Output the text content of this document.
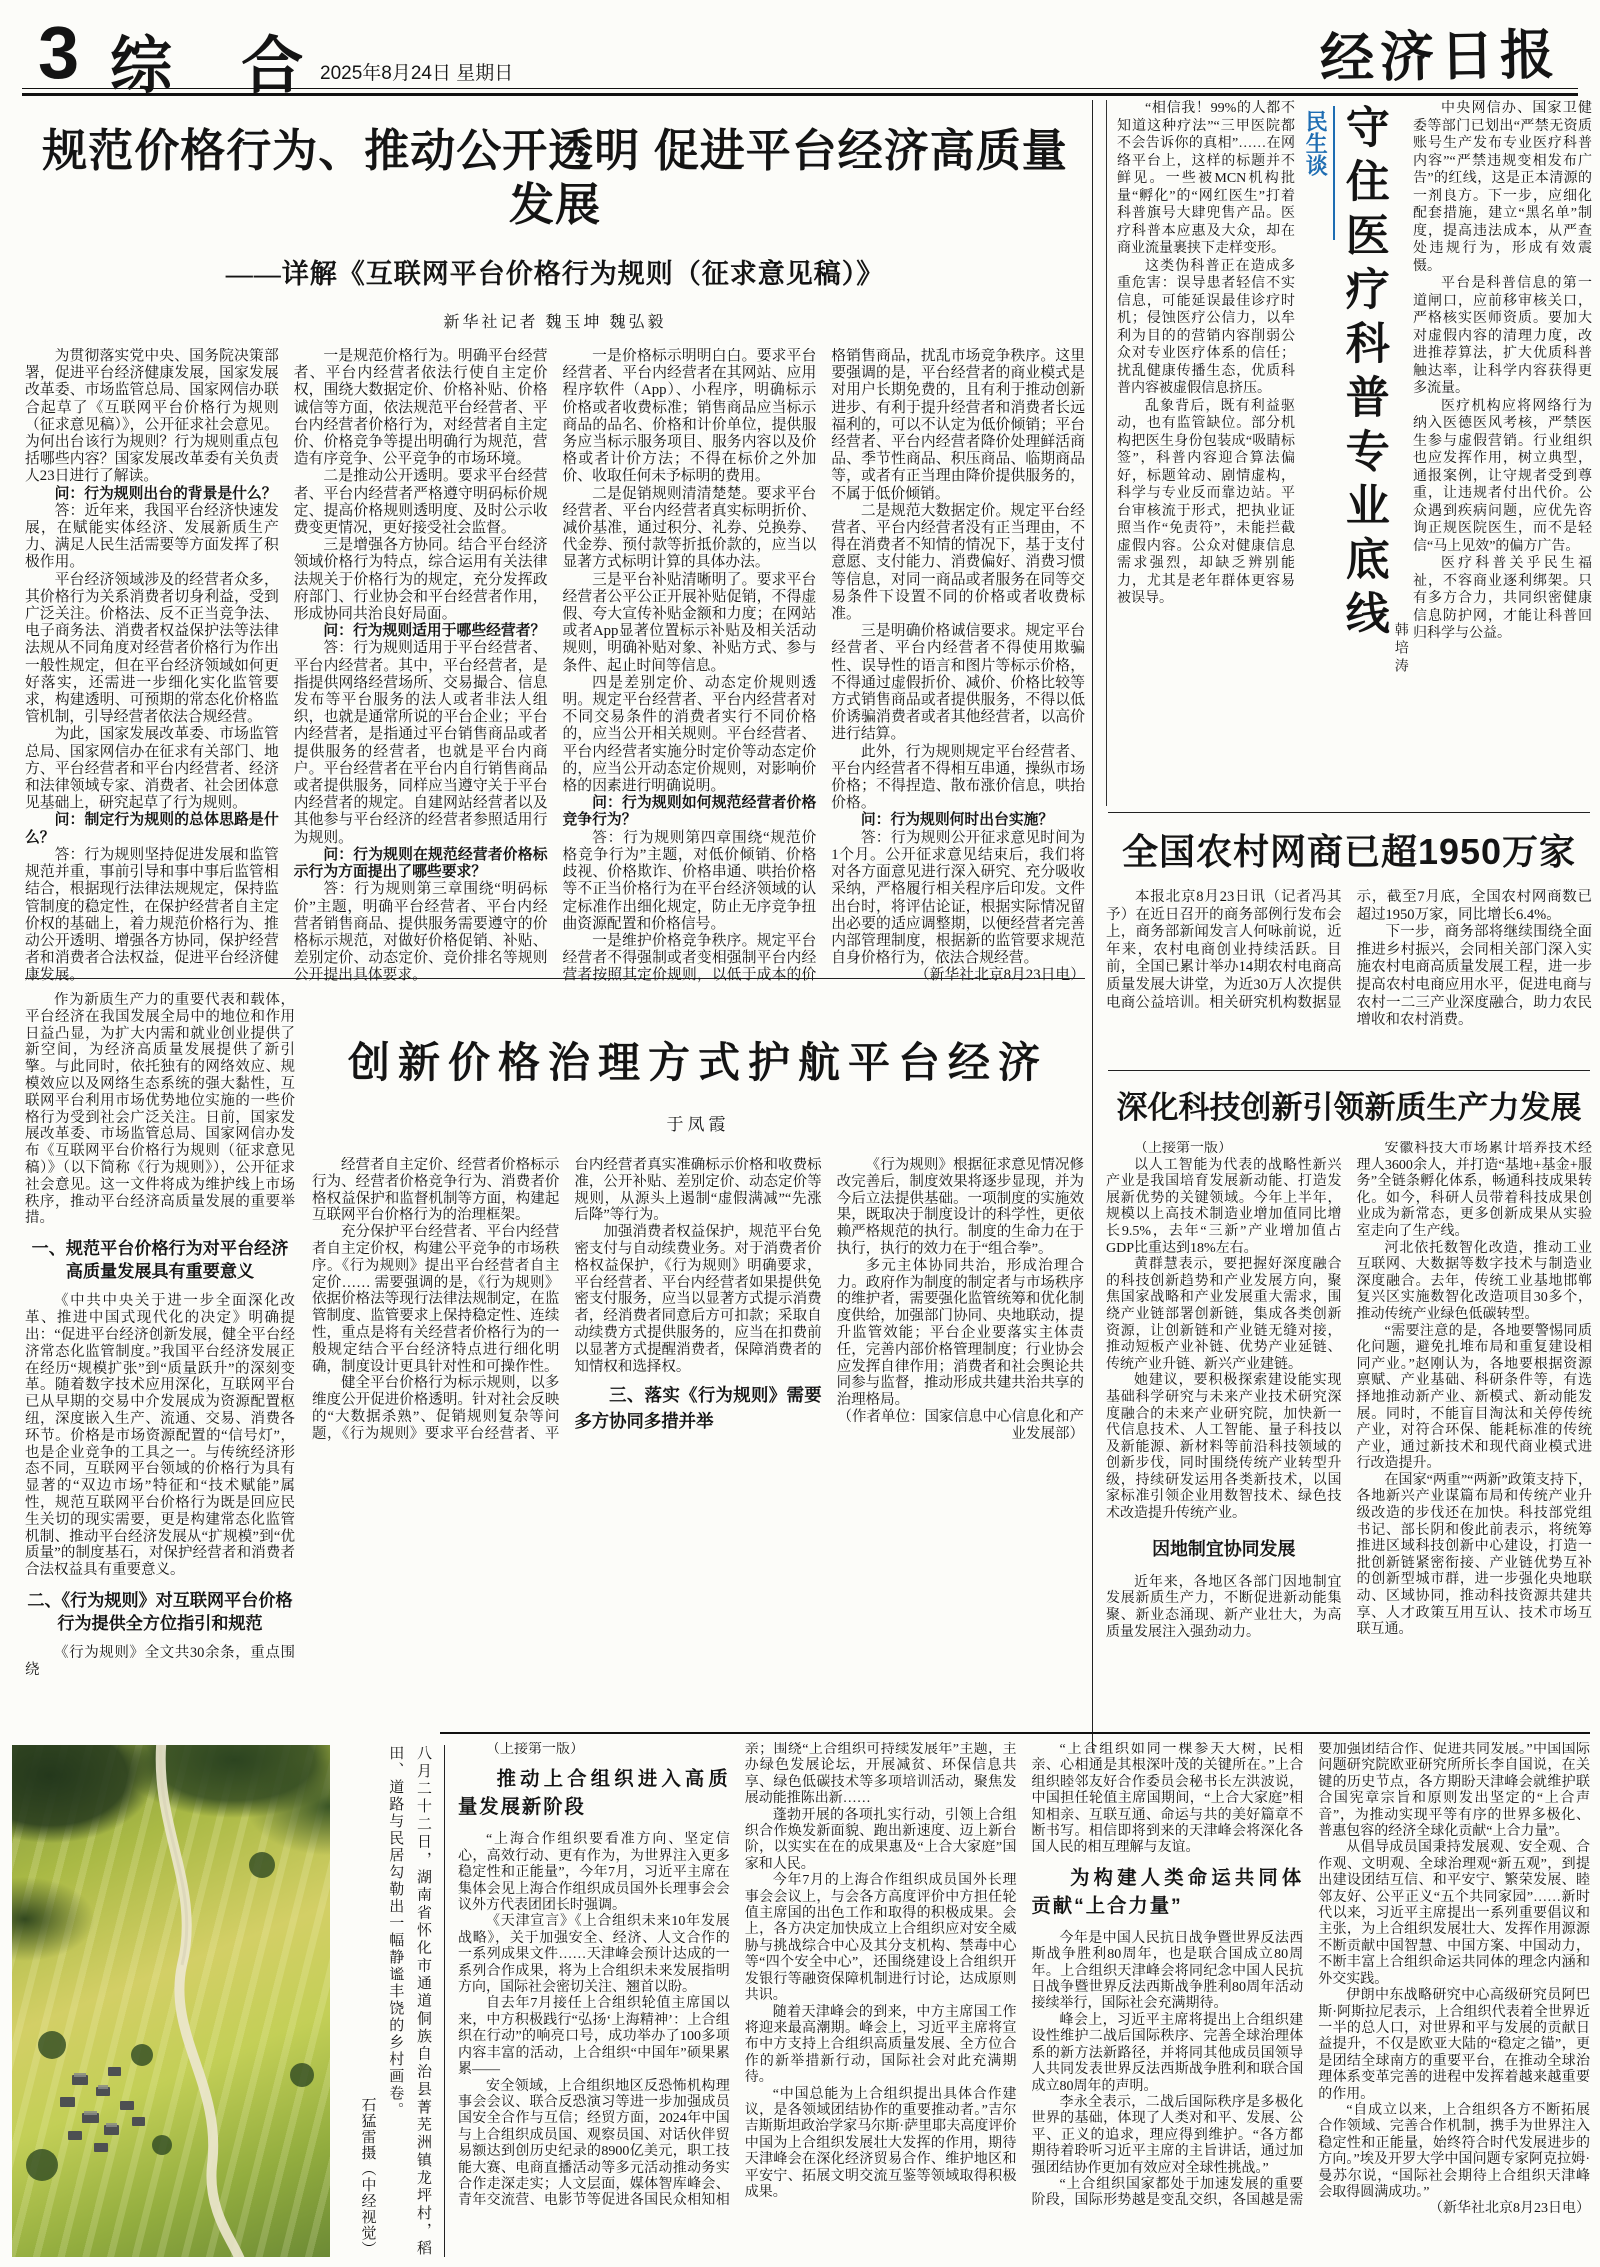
3 综 合
2025年8月24日 星期日	经济日报
规范价格行为、推动公开透明 促进平台经济高质量发展
——详解《互联网平台价格行为规则（征求意见稿）》
新华社记者 魏玉坤 魏弘毅

为贯彻落实党中央、国务院决策部署，促进平台经济健康发展，国家发展改革委、市场监管总局、国家网信办联合起草了《互联网平台价格行为规则（征求意见稿）》，公开征求社会意见。为何出台该行为规则？行为规则重点包括哪些内容？国家发展改革委有关负责人23日进行了解读。

问：行为规则出台的背景是什么？

答：近年来，我国平台经济快速发展，在赋能实体经济、发展新质生产力、满足人民生活需要等方面发挥了积极作用。

平台经济领域涉及的经营者众多，其价格行为关系消费者切身利益，受到广泛关注。价格法、反不正当竞争法、电子商务法、消费者权益保护法等法律法规从不同角度对经营者价格行为作出一般性规定，但在平台经济领域如何更好落实，还需进一步细化实化监管要求，构建透明、可预期的常态化价格监管机制，引导经营者依法合规经营。

为此，国家发展改革委、市场监管总局、国家网信办在征求有关部门、地方、平台经营者和平台内经营者、经济和法律领域专家、消费者、社会团体意见基础上，研究起草了行为规则。

问：制定行为规则的总体思路是什么？

答：行为规则坚持促进发展和监管规范并重，事前引导和事中事后监管相结合，根据现行法律法规规定，保持监管制度的稳定性，在保护经营者自主定价权的基础上，着力规范价格行为、推动公开透明、增强各方协同，保护经营者和消费者合法权益，促进平台经济健康发展。

一是规范价格行为。明确平台经营者、平台内经营者依法行使自主定价权，围绕大数据定价、价格补贴、价格诚信等方面，依法规范平台经营者、平台内经营者价格行为，对经营者自主定价、价格竞争等提出明确行为规范，营造有序竞争、公平竞争的市场环境。

二是推动公开透明。要求平台经营者、平台内经营者严格遵守明码标价规定、提高价格规则透明度、及时公示收费变更情况，更好接受社会监督。

三是增强各方协同。结合平台经济领域价格行为特点，综合运用有关法律法规关于价格行为的规定，充分发挥政府部门、行业协会和平台经营者作用，形成协同共治良好局面。

问：行为规则适用于哪些经营者？

答：行为规则适用于平台经营者、平台内经营者。其中，平台经营者，是指提供网络经营场所、交易撮合、信息发布等平台服务的法人或者非法人组织，也就是通常所说的平台企业；平台内经营者，是指通过平台销售商品或者提供服务的经营者，也就是平台内商户。平台经营者在平台内自行销售商品或者提供服务，同样应当遵守关于平台内经营者的规定。自建网站经营者以及其他参与平台经济的经营者参照适用行为规则。

问：行为规则在规范经营者价格标示行为方面提出了哪些要求？

答：行为规则第三章围绕“明码标价”主题，明确平台经营者、平台内经营者销售商品、提供服务需要遵守的价格标示规范，对做好价格促销、补贴、差别定价、动态定价、竞价排名等规则公开提出具体要求。

一是价格标示明明白白。要求平台经营者、平台内经营者在其网站、应用程序软件（App）、小程序，明确标示价格或者收费标准；销售商品应当标示商品的品名、价格和计价单位，提供服务应当标示服务项目、服务内容以及价格或者计价方法；不得在标价之外加价、收取任何未予标明的费用。

二是促销规则清清楚楚。要求平台经营者、平台内经营者真实标明折价、减价基准，通过积分、礼券、兑换券、代金券、预付款等折抵价款的，应当以显著方式标明计算的具体办法。

三是平台补贴清晰明了。要求平台经营者公平公正开展补贴促销，不得虚假、夸大宣传补贴金额和力度；在网站或者App显著位置标示补贴及相关活动规则，明确补贴对象、补贴方式、参与条件、起止时间等信息。

四是差别定价、动态定价规则透明。规定平台经营者、平台内经营者对不同交易条件的消费者实行不同价格的，应当公开相关规则。平台经营者、平台内经营者实施分时定价等动态定价的，应当公开动态定价规则，对影响价格的因素进行明确说明。

问：行为规则如何规范经营者价格竞争行为？

答：行为规则第四章围绕“规范价格竞争行为”主题，对低价倾销、价格歧视、价格欺诈、价格串通、哄抬价格等不正当价格行为在平台经济领域的认定标准作出细化规定，防止无序竞争扭曲资源配置和价格信号。

一是维护价格竞争秩序。规定平台经营者不得强制或者变相强制平台内经营者按照其定价规则，以低于成本的价格销售商品，扰乱市场竞争秩序。这里要强调的是，平台经营者的商业模式是对用户长期免费的，且有利于推动创新进步、有利于提升经营者和消费者长远福利的，可以不认定为低价倾销；平台经营者、平台内经营者降价处理鲜活商品、季节性商品、积压商品、临期商品等，或者有正当理由降价提供服务的，不属于低价倾销。

二是规范大数据定价。规定平台经营者、平台内经营者没有正当理由，不得在消费者不知情的情况下，基于支付意愿、支付能力、消费偏好、消费习惯等信息，对同一商品或者服务在同等交易条件下设置不同的价格或者收费标准。

三是明确价格诚信要求。规定平台经营者、平台内经营者不得使用欺骗性、误导性的语言和图片等标示价格，不得通过虚假折价、减价、价格比较等方式销售商品或者提供服务，不得以低价诱骗消费者或者其他经营者，以高价进行结算。

此外，行为规则规定平台经营者、平台内经营者不得相互串通，操纵市场价格；不得捏造、散布涨价信息，哄抬价格。

问：行为规则何时出台实施？

答：行为规则公开征求意见时间为1个月。公开征求意见结束后，我们将对各方面意见进行深入研究、充分吸收采纳，严格履行相关程序后印发。文件出台时，将评估论证，根据实际情况留出必要的适应调整期，以便经营者完善内部管理制度，根据新的监管要求规范自身价格行为，依法合规经营。

（新华社北京8月23日电）

作为新质生产力的重要代表和载体，平台经济在我国发展全局中的地位和作用日益凸显，为扩大内需和就业创业提供了新空间，为经济高质量发展提供了新引擎。与此同时，依托独有的网络效应、规模效应以及网络生态系统的强大黏性，互联网平台利用市场优势地位实施的一些价格行为受到社会广泛关注。日前，国家发展改革委、市场监管总局、国家网信办发布《互联网平台价格行为规则（征求意见稿）》（以下简称《行为规则》），公开征求社会意见。这一文件将成为维护线上市场秩序，推动平台经济高质量发展的重要举措。

一、规范平台价格行为对平台经济高质量发展具有重要意义

《中共中央关于进一步全面深化改革、推进中国式现代化的决定》明确提出：“促进平台经济创新发展，健全平台经济常态化监管制度。”我国平台经济发展正在经历“规模扩张”到“质量跃升”的深刻变革。随着数字技术应用深化，互联网平台已从早期的交易中介发展成为资源配置枢纽，深度嵌入生产、流通、交易、消费各环节。价格是市场资源配置的“信号灯”，也是企业竞争的工具之一。与传统经济形态不同，互联网平台领域的价格行为具有显著的“双边市场”特征和“技术赋能”属性，规范互联网平台价格行为既是回应民生关切的现实需要，更是构建常态化监管机制、推动平台经济发展从“扩规模”到“优质量”的制度基石，对保护经营者和消费者合法权益具有重要意义。

二、《行为规则》对互联网平台价格行为提供全方位指引和规范

《行为规则》全文共30余条，重点围绕

创新价格治理方式护航平台经济
于凤霞

经营者自主定价、经营者价格标示行为、经营者价格竞争行为、消费者价格权益保护和监督机制等方面，构建起互联网平台价格行为的治理框架。

充分保护平台经营者、平台内经营者自主定价权，构建公平竞争的市场秩序。《行为规则》提出平台经营者自主定价…… 需要强调的是，《行为规则》依据价格法等现行法律法规制定，在监管制度、监管要求上保持稳定性、连续性，重点是将有关经营者价格行为的一般规定结合平台经济特点进行细化明确，制度设计更具针对性和可操作性。

健全平台价格行为标示规则，以多维度公开促进价格透明。针对社会反映的“大数据杀熟”、促销规则复杂等问题，《行为规则》要求平台经营者、平台内经营者真实准确标示价格和收费标准，公开补贴、差别定价、动态定价等规则，从源头上遏制“虚假满减”“先涨后降”等行为。

加强消费者权益保护，规范平台免密支付与自动续费业务。对于消费者价格权益保护，《行为规则》明确要求，平台经营者、平台内经营者如果提供免密支付服务，应当以显著方式提示消费者，经消费者同意后方可扣款；采取自动续费方式提供服务的，应当在扣费前以显著方式提醒消费者，保障消费者的知情权和选择权。

三、落实《行为规则》需要多方协同多措并举

《行为规则》根据征求意见情况修改完善后，制度效果将逐步显现，并为今后立法提供基础。一项制度的实施效果，既取决于制度设计的科学性，更依赖严格规范的执行。制度的生命力在于执行，执行的效力在于“组合拳”。

多元主体协同共治，形成治理合力。政府作为制度的制定者与市场秩序的维护者，需要强化监管统筹和优化制度供给，加强部门协同、央地联动，提升监管效能；平台企业要落实主体责任，完善内部价格管理制度；行业协会应发挥自律作用；消费者和社会舆论共同参与监督，推动形成共建共治共享的治理格局。

（作者单位：国家信息中心信息化和产业发展部）

“相信我！99%的人都不知道这种疗法”“三甲医院都不会告诉你的真相”……在网络平台上，这样的标题并不鲜见。一些被MCN机构批量“孵化”的“网红医生”打着科普旗号大肆兜售产品。医疗科普本应惠及大众，却在商业流量裹挟下走样变形。

这类伪科普正在造成多重危害：误导患者轻信不实信息，可能延误最佳诊疗时机；侵蚀医疗公信力，以牟利为目的的营销内容削弱公众对专业医疗体系的信任；扰乱健康传播生态，优质科普内容被虚假信息挤压。

乱象背后，既有利益驱动，也有监管缺位。部分机构把医生身份包装成“吸睛标签”，科普内容迎合算法偏好，标题耸动、剧情虚构，科学与专业反而靠边站。平台审核流于形式，把执业证照当作“免责符”，未能拦截虚假内容。公众对健康信息需求强烈，却缺乏辨别能力，尤其是老年群体更容易被误导。

民生谈 守住医疗科普专业底线
韩培涛

中央网信办、国家卫健委等部门已划出“严禁无资质账号生产发布专业医疗科普内容”“严禁违规变相发布广告”的红线，这是正本清源的一剂良方。下一步，应细化配套措施，建立“黑名单”制度，提高违法成本，从严查处违规行为，形成有效震慑。

平台是科普信息的第一道闸口，应前移审核关口，严格核实医师资质。要加大对虚假内容的清理力度，改进推荐算法，扩大优质科普触达率，让科学内容获得更多流量。

医疗机构应将网络行为纳入医德医风考核，严禁医生参与虚假营销。行业组织也应发挥作用，树立典型，通报案例，让守规者受到尊重，让违规者付出代价。公众遇到疾病问题，应优先咨询正规医院医生，而不是轻信“马上见效”的偏方广告。

医疗科普关乎民生福祉，不容商业逐利绑架。只有多方合力，共同织密健康信息防护网，才能让科普回归科学与公益。

全国农村网商已超1950万家

本报北京8月23日讯（记者冯其予）在近日召开的商务部例行发布会上，商务部新闻发言人何咏前说，近年来，农村电商创业持续活跃。目前，全国已累计举办14期农村电商高质量发展大讲堂，为近30万人次提供电商公益培训。相关研究机构数据显示，截至7月底，全国农村网商数已超过1950万家，同比增长6.4%。

下一步，商务部将继续围绕全面推进乡村振兴，会同相关部门深入实施农村电商高质量发展工程，进一步提高农村电商应用水平，促进电商与农村一二三产业深度融合，助力农民增收和农村消费。

深化科技创新引领新质生产力发展

（上接第一版）

以人工智能为代表的战略性新兴产业是我国培育发展新动能、打造发展新优势的关键领域。今年上半年，规模以上高技术制造业增加值同比增长9.5%，去年“三新”产业增加值占GDP比重达到18%左右。

黄群慧表示，要把握好深度融合的科技创新趋势和产业发展方向，聚焦国家战略和产业发展重大需求，围绕产业链部署创新链，集成各类创新资源，让创新链和产业链无缝对接，推动短板产业补链、优势产业延链、传统产业升链、新兴产业建链。

她建议，要积极探索建设能实现基础科学研究与未来产业技术研究深度融合的未来产业研究院，加快新一代信息技术、人工智能、量子科技以及新能源、新材料等前沿科技领域的创新步伐，同时围绕传统产业转型升级，持续研发运用各类新技术，以国家标准引领企业用数智技术、绿色技术改造提升传统产业。

因地制宜协同发展

近年来，各地区各部门因地制宜发展新质生产力，不断促进新动能集聚、新业态涌现、新产业壮大，为高质量发展注入强劲动力。

安徽科技大市场累计培养技术经理人3600余人，并打造“基地+基金+服务”全链条孵化体系，畅通科技成果转化。如今，科研人员带着科技成果创业成为新常态，更多创新成果从实验室走向了生产线。

河北依托数智化改造，推动工业互联网、大数据等数字技术与制造业深度融合。去年，传统工业基地邯郸复兴区实施数智化改造项目30多个，推动传统产业绿色低碳转型。

“需要注意的是，各地要警惕同质化问题，避免扎堆布局和重复建设相同产业。”赵刚认为，各地要根据资源禀赋、产业基础、科研条件等，有选择地推动新产业、新模式、新动能发展。同时，不能盲目淘汰和关停传统产业，对符合环保、能耗标准的传统产业，通过新技术和现代商业模式进行改造提升。

在国家“两重”“两新”政策支持下，各地新兴产业谋篇布局和传统产业升级改造的步伐还在加快。科技部党组书记、部长阴和俊此前表示，将统筹推进区域科技创新中心建设，打造一批创新链紧密衔接、产业链优势互补的创新型城市群，进一步强化央地联动、区域协同，推动科技资源共建共享、人才政策互用互认、技术市场互联互通。

八月二十二日，湖南省怀化市通道侗族自治县菁芜洲镇龙坪村，稻田、道路与民居勾勒出一幅静谧丰饶的乡村画卷。
石猛雷摄（中经视觉）

（上接第一版）

推动上合组织进入高质量发展新阶段

“上海合作组织要看准方向、坚定信心，高效行动、更有作为，为世界注入更多稳定性和正能量”，今年7月，习近平主席在集体会见上海合作组织成员国外长理事会会议外方代表团团长时强调。

《天津宣言》《上合组织未来10年发展战略》，关于加强安全、经济、人文合作的一系列成果文件……天津峰会预计达成的一系列合作成果，将为上合组织未来发展指明方向，国际社会密切关注、翘首以盼。

自去年7月接任上合组织轮值主席国以来，中方积极践行“弘扬‘上海精神’：上合组织在行动”的响亮口号，成功举办了100多项内容丰富的活动，上合组织“中国年”硕果累累——

安全领域，上合组织地区反恐怖机构理事会会议、联合反恐演习等进一步加强成员国安全合作与互信；经贸方面，2024年中国与上合组织成员国、观察员国、对话伙伴贸易额达到创历史纪录的8900亿美元，职工技能大赛、电商直播活动等多元活动推动务实合作走深走实；人文层面，媒体智库峰会、青年交流营、电影节等促进各国民众相知相亲；围绕“上合组织可持续发展年”主题，主办绿色发展论坛，开展减贫、环保信息共享、绿色低碳技术等多项培训活动，聚焦发展动能推陈出新……

蓬勃开展的各项扎实行动，引领上合组织合作焕发新面貌、跑出新速度、迈上新台阶，以实实在在的成果惠及“上合大家庭”国家和人民。

今年7月的上海合作组织成员国外长理事会会议上，与会各方高度评价中方担任轮值主席国的出色工作和取得的积极成果。会上，各方决定加快成立上合组织应对安全威胁与挑战综合中心及其分支机构、禁毒中心等“四个安全中心”，还围绕建设上合组织开发银行等融资保障机制进行讨论，达成原则共识。

随着天津峰会的到来，中方主席国工作将迎来最高潮期。峰会上，习近平主席将宣布中方支持上合组织高质量发展、全方位合作的新举措新行动，国际社会对此充满期待。

“中国总能为上合组织提出具体合作建议，是各领域团结协作的重要推动者。”吉尔吉斯斯坦政治学家马尔斯·萨里耶夫高度评价中国为上合组织发展壮大发挥的作用，期待天津峰会在深化经济贸易合作、维护地区和平安宁、拓展文明交流互鉴等领域取得积极成果。

“上合组织如同一棵参天大树，民相亲、心相通是其根深叶茂的关键所在。”上合组织睦邻友好合作委员会秘书长左洪波说，中国担任轮值主席国期间，“上合大家庭”相知相亲、互联互通、命运与共的美好篇章不断书写。相信即将到来的天津峰会将深化各国人民的相互理解与友谊。

为构建人类命运共同体贡献“上合力量”

今年是中国人民抗日战争暨世界反法西斯战争胜利80周年，也是联合国成立80周年。上合组织天津峰会将同纪念中国人民抗日战争暨世界反法西斯战争胜利80周年活动接续举行，国际社会充满期待。

峰会上，习近平主席将提出上合组织建设性维护二战后国际秩序、完善全球治理体系的新方法新路径，并将同其他成员国领导人共同发表世界反法西斯战争胜利和联合国成立80周年的声明。

李永全表示，二战后国际秩序是多极化世界的基础，体现了人类对和平、发展、公平、正义的追求，理应得到维护。“各方都期待着聆听习近平主席的主旨讲话，通过加强团结协作更加有效应对全球性挑战。”

“上合组织国家都处于加速发展的重要阶段，国际形势越是变乱交织，各国越是需要加强团结合作、促进共同发展。”中国国际问题研究院欧亚研究所所长李自国说，在关键的历史节点，各方期盼天津峰会就维护联合国宪章宗旨和原则发出坚定的“上合声音”，为推动实现平等有序的世界多极化、普惠包容的经济全球化贡献“上合力量”。

从倡导成员国秉持发展观、安全观、合作观、文明观、全球治理观“新五观”，到提出建设团结互信、和平安宁、繁荣发展、睦邻友好、公平正义“五个共同家园”……新时代以来，习近平主席提出一系列重要倡议和主张，为上合组织发展壮大、发挥作用源源不断贡献中国智慧、中国方案、中国动力，不断丰富上合组织命运共同体的理念内涵和外交实践。

伊朗中东战略研究中心高级研究员阿巴斯·阿斯拉尼表示，上合组织代表着全世界近一半的总人口，对世界和平与发展的贡献日益提升，不仅是欧亚大陆的“稳定之锚”，更是团结全球南方的重要平台，在推动全球治理体系变革完善的进程中发挥着越来越重要的作用。

“自成立以来，上合组织各方不断拓展合作领域、完善合作机制，携手为世界注入稳定性和正能量，始终符合时代发展进步的方向。”埃及开罗大学中国问题专家阿克拉姆·曼苏尔说，“国际社会期待上合组织天津峰会取得圆满成功。”

（新华社北京8月23日电）
